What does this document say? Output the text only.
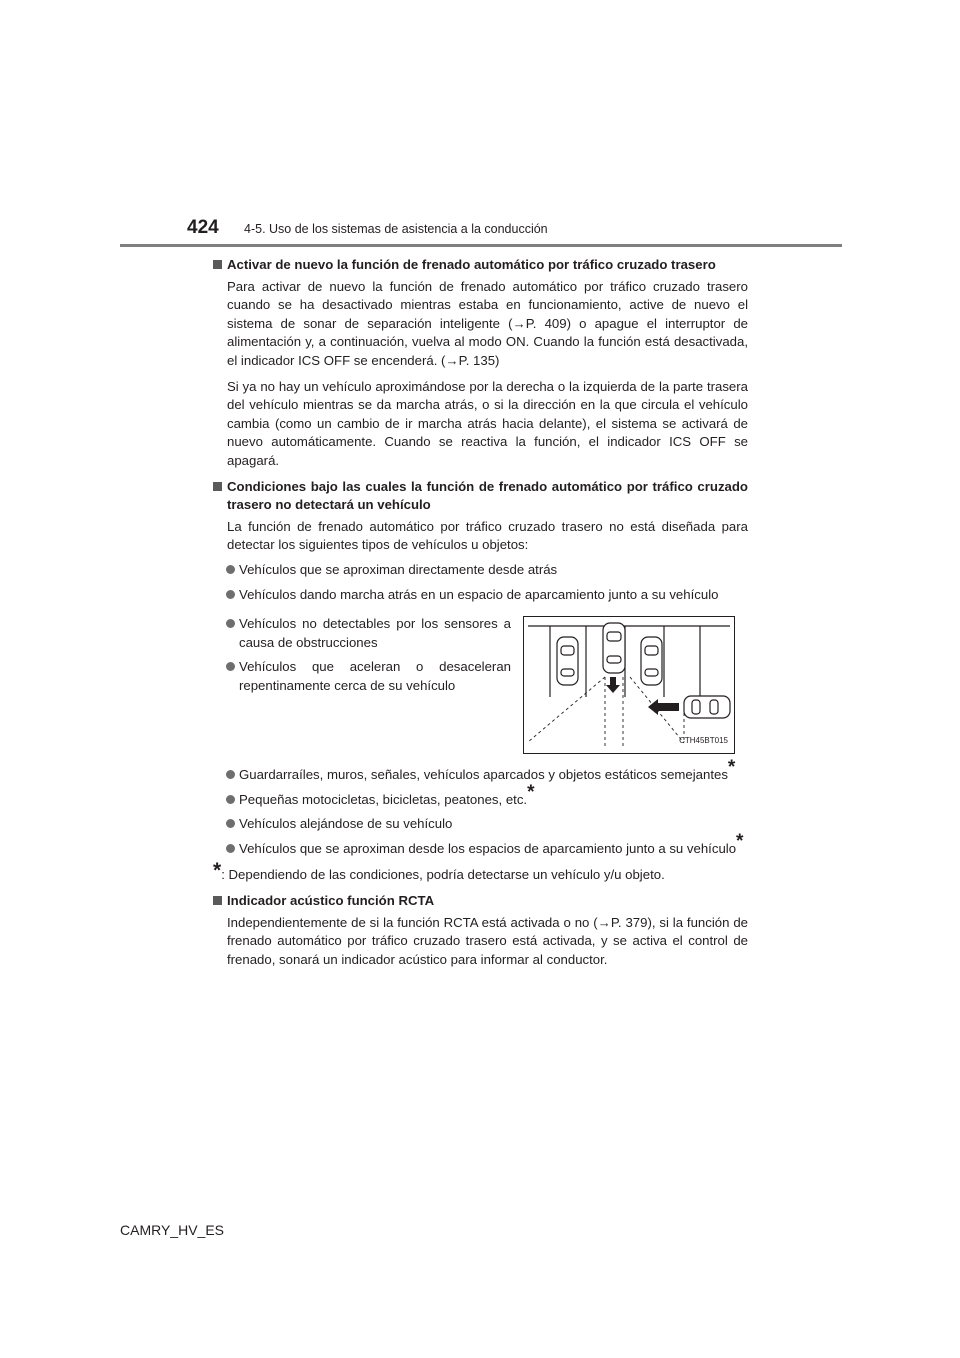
424 4-5. Uso de los sistemas de asistencia a la conducción
Activar de nuevo la función de frenado automático por tráfico cruzado trasero
Para activar de nuevo la función de frenado automático por tráfico cruzado trasero cuando se ha desactivado mientras estaba en funcionamiento, active de nuevo el sistema de sonar de separación inteligente (→P. 409) o apague el interruptor de alimentación y, a continuación, vuelva al modo ON. Cuando la función está desactivada, el indicador ICS OFF se encenderá. (→P. 135)
Si ya no hay un vehículo aproximándose por la derecha o la izquierda de la parte trasera del vehículo mientras se da marcha atrás, o si la dirección en la que circula el vehículo cambia (como un cambio de ir marcha atrás hacia delante), el sistema se activará de nuevo automáticamente. Cuando se reactiva la función, el indicador ICS OFF se apagará.
Condiciones bajo las cuales la función de frenado automático por tráfico cruzado trasero no detectará un vehículo
La función de frenado automático por tráfico cruzado trasero no está diseñada para detectar los siguientes tipos de vehículos u objetos:
Vehículos que se aproximan directamente desde atrás
Vehículos dando marcha atrás en un espacio de aparcamiento junto a su vehículo
Vehículos no detectables por los sensores a causa de obstrucciones
Vehículos que aceleran o desaceleran repentinamente cerca de su vehículo
CTH45BT015
Guardarraíles, muros, señales, vehículos aparcados y objetos estáticos semejantes*
Pequeñas motocicletas, bicicletas, peatones, etc.*
Vehículos alejándose de su vehículo
Vehículos que se aproximan desde los espacios de aparcamiento junto a su vehículo*
*: Dependiendo de las condiciones, podría detectarse un vehículo y/u objeto.
Indicador acústico función RCTA
Independientemente de si la función RCTA está activada o no (→P. 379), si la función de frenado automático por tráfico cruzado trasero está activada, y se activa el control de frenado, sonará un indicador acústico para informar al conductor.
CAMRY_HV_ES
